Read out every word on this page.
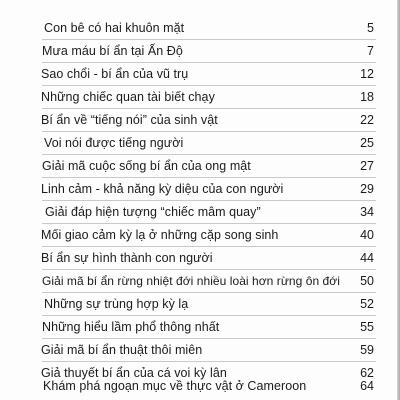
Con bê có hai khuôn mặt	5
Mưa máu bí ẩn tại Ấn Độ	7
Sao chổi - bí ẩn của vũ trụ	12
Những chiếc quan tài biết chạy	18
Bí ẩn về “tiếng nói” của sinh vật	22
Voi nói được tiếng người	25
Giải mã cuộc sống bí ẩn của ong mật	27
Linh cảm - khả năng kỳ diệu của con người	29
Giải đáp hiện tượng “chiếc mâm quay”	34
Mối giao cảm kỳ lạ ở những cặp song sinh	40
Bí ẩn sự hình thành con người	44
Giải mã bí ẩn rừng nhiệt đới nhiều loài hơn rừng ôn đới 50
Những sự trùng hợp kỳ lạ	52
Những hiểu lầm phổ thông nhất	55
Giải mã bí ẩn thuật thôi miên	59
Giả thuyết bí ẩn của cá voi kỳ lân	62
Khám phá ngoạn mục về thực vật ở Cameroon	64
